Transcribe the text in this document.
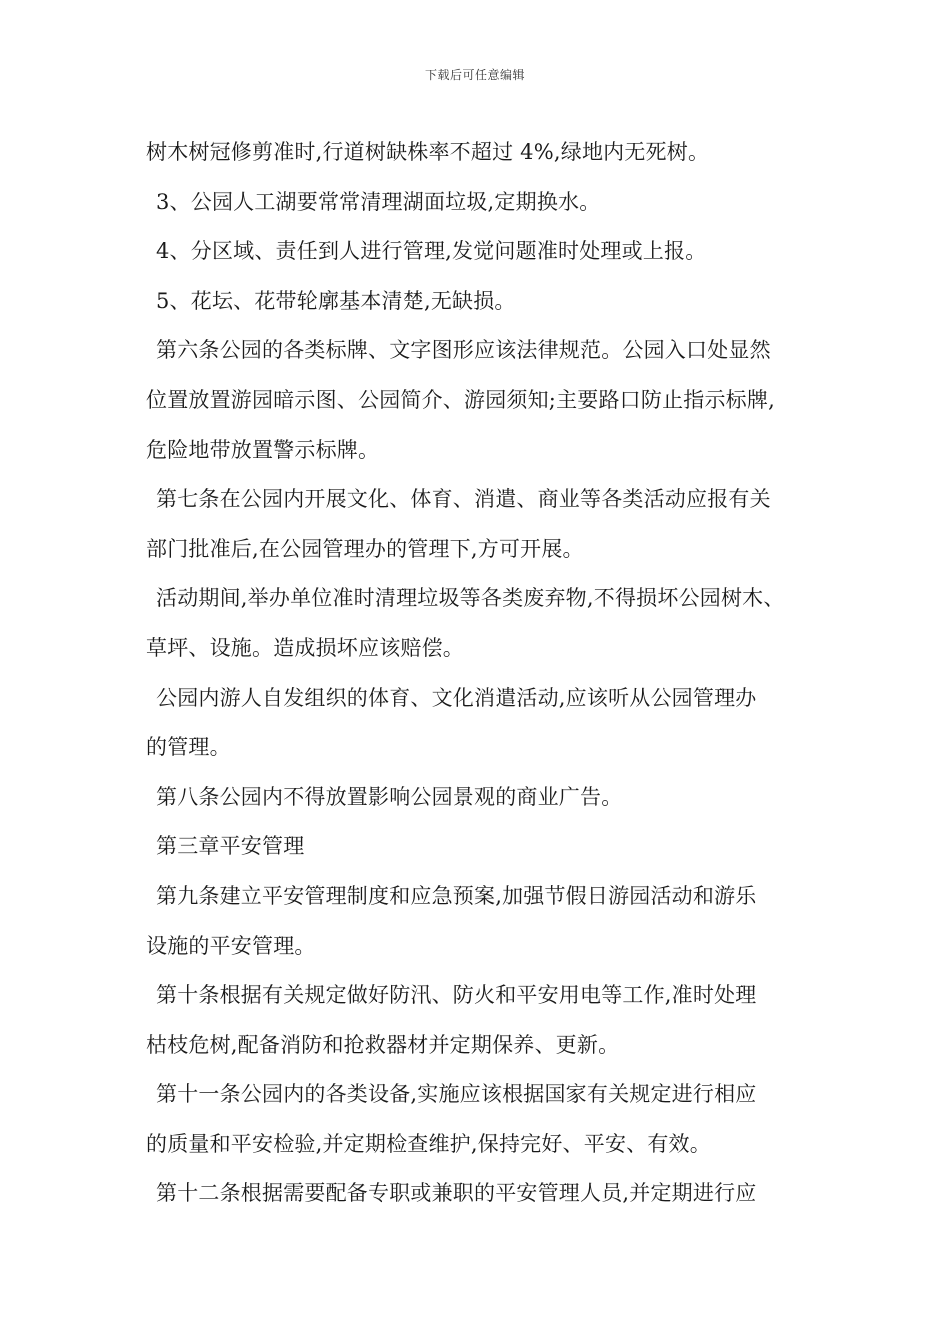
下载后可任意编辑
树木树冠修剪准时,行道树缺株率不超过 4%,绿地内无死树。
3、公园人工湖要常常清理湖面垃圾,定期换水。
4、分区域、责任到人进行管理,发觉问题准时处理或上报。
5、花坛、花带轮廓基本清楚,无缺损。
第六条公园的各类标牌、文字图形应该法律规范。公园入口处显然
位置放置游园暗示图、公园简介、游园须知;主要路口防止指示标牌,
危险地带放置警示标牌。
第七条在公园内开展文化、体育、消遣、商业等各类活动应报有关
部门批准后,在公园管理办的管理下,方可开展。
活动期间,举办单位准时清理垃圾等各类废弃物,不得损坏公园树木、
草坪、设施。造成损坏应该赔偿。
公园内游人自发组织的体育、文化消遣活动,应该听从公园管理办
的管理。
第八条公园内不得放置影响公园景观的商业广告。
第三章平安管理
第九条建立平安管理制度和应急预案,加强节假日游园活动和游乐
设施的平安管理。
第十条根据有关规定做好防汛、防火和平安用电等工作,准时处理
枯枝危树,配备消防和抢救器材并定期保养、更新。
第十一条公园内的各类设备,实施应该根据国家有关规定进行相应
的质量和平安检验,并定期检查维护,保持完好、平安、有效。
第十二条根据需要配备专职或兼职的平安管理人员,并定期进行应
